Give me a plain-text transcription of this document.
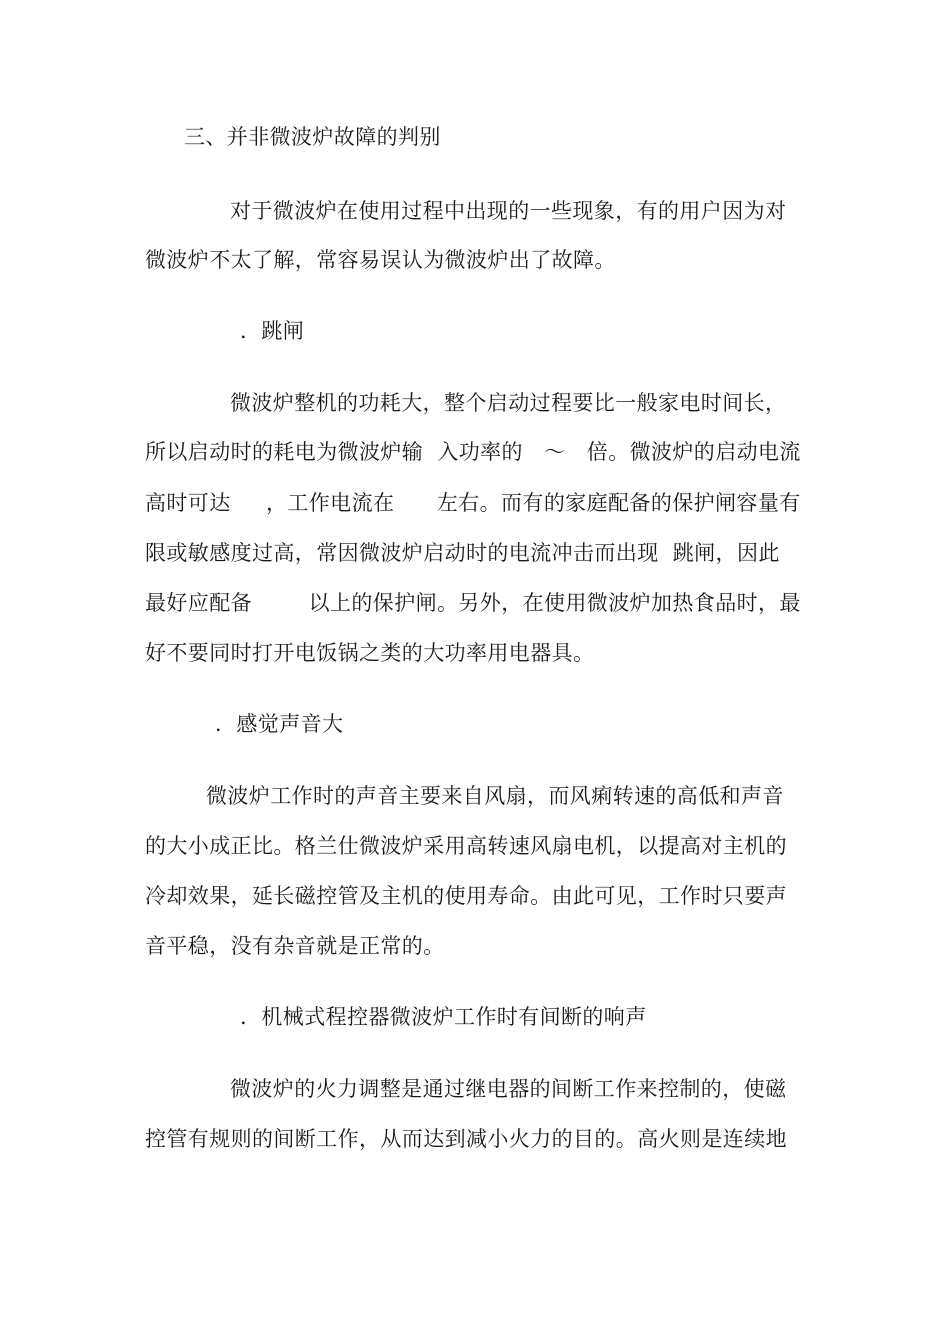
三、并非微波炉故障的判别
对于微波炉在使用过程中出现的一些现象，有的用户因为对
微波炉不太了解，常容易误认为微波炉出了故障。
．跳闸
微波炉整机的功耗大，整个启动过程要比一般家电时间长，
所以启动时的耗电为微波炉输  入功率的   ～   倍。微波炉的启动电流
高时可达     ，工作电流在      左右。而有的家庭配备的保护闸容量有
限或敏感度过高，常因微波炉启动时的电流冲击而出现  跳闸，因此
最好应配备        以上的保护闸。另外，在使用微波炉加热食品时，最
好不要同时打开电饭锅之类的大功率用电器具。
．感觉声音大
微波炉工作时的声音主要来自风扇，而风痢转速的高低和声音
的大小成正比。格兰仕微波炉采用高转速风扇电机，以提高对主机的
冷却效果，延长磁控管及主机的使用寿命。由此可见，工作时只要声
音平稳，没有杂音就是正常的。
．机械式程控器微波炉工作时有间断的响声
微波炉的火力调整是通过继电器的间断工作来控制的，使磁
控管有规则的间断工作，从而达到减小火力的目的。高火则是连续地
